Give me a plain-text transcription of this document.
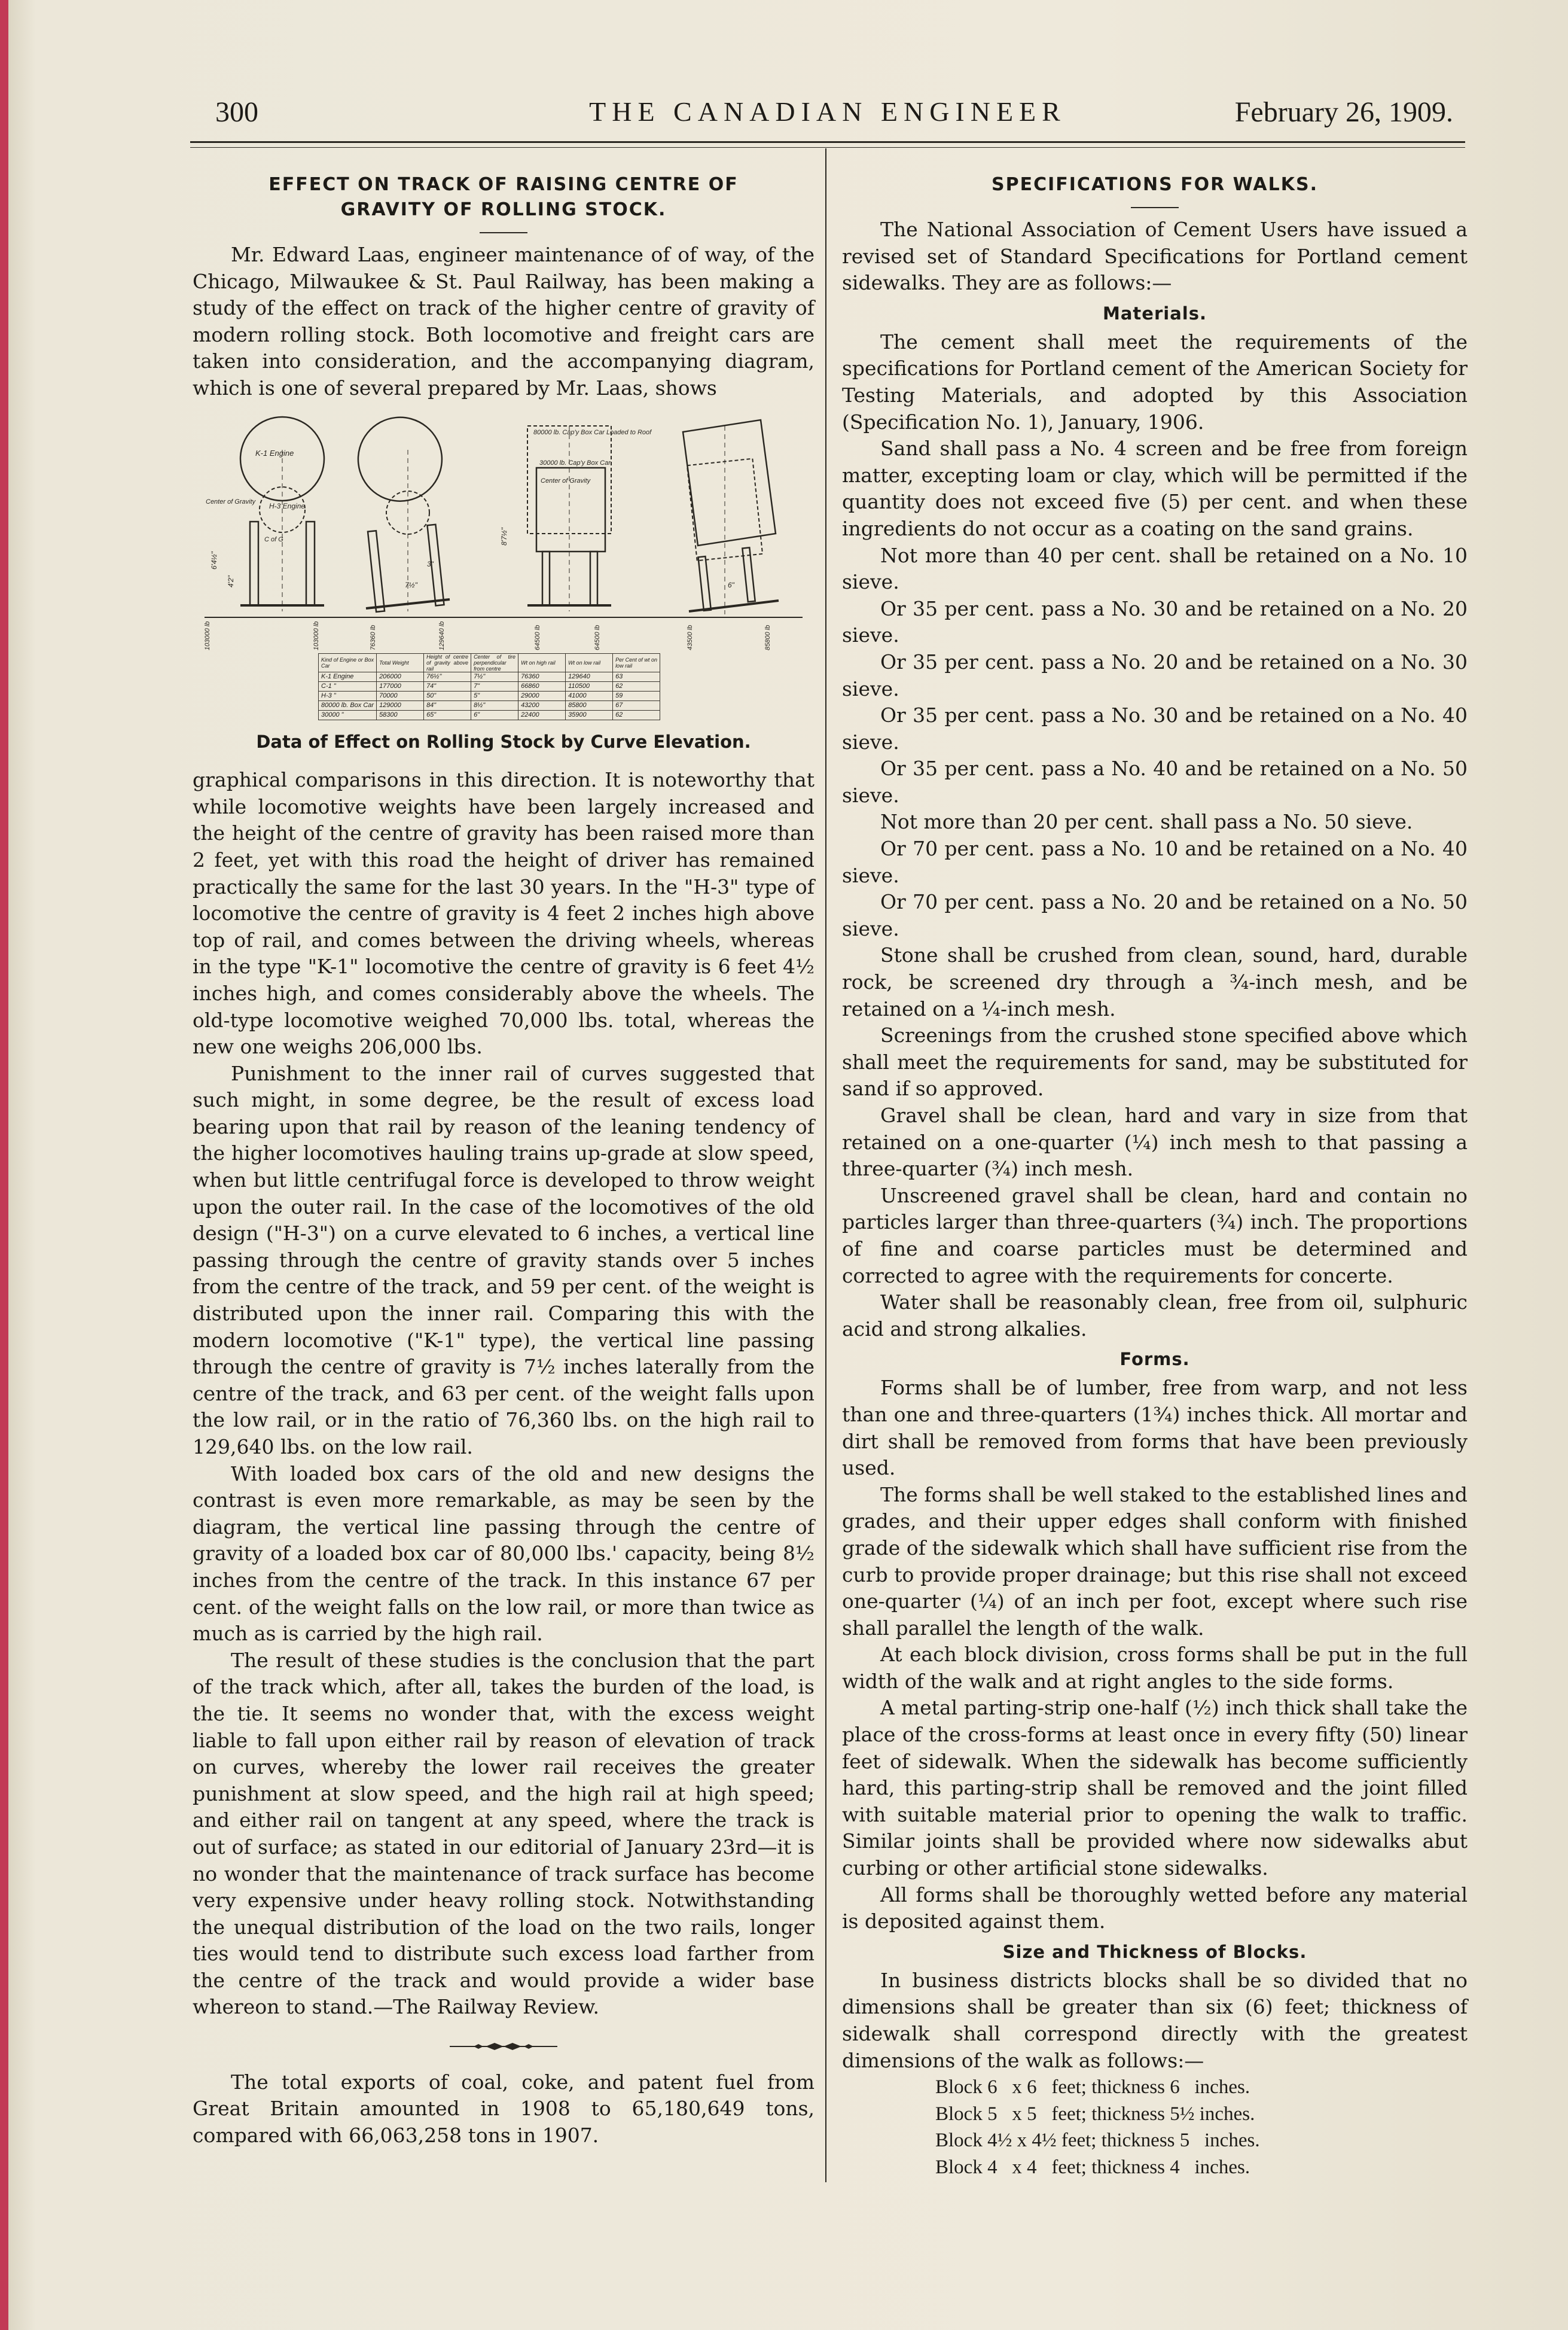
300	THE CANADIAN ENGINEER	February 26, 1909.
EFFECT ON TRACK OF RAISING CENTRE OF
GRAVITY OF ROLLING STOCK.

Mr. Edward Laas, engineer maintenance of of way, of the Chicago, Milwaukee & St. Paul Railway, has been making a study of the effect on track of the higher centre of gravity of modern rolling stock. Both locomotive and freight cars are taken into consideration, and the accompanying diagram, which is one of several prepared by Mr. Laas, shows

K-1 Engine
H-3 Engine
Center of Gravity
C of G
6'4½"
4'2"
3"
7½"
80000 lb. Cap'y Box Car Loaded to Roof
30000 lb. Cap'y Box Car
Center of Gravity
8'7½"
6"
103000 lb	103000 lb	76360 lb	129640 lb	64500 lb	64500 lb	43500 lb	85800 lb
Kind of Engine or Box Car	Total Weight	Height of centre of gravity above rail	Center of tire perpendicular from centre	Wt on high rail	Wt on low rail	Per Cent of wt on low rail
K-1 Engine	206000	76½"	7½"	76360	129640	63
C-1 "	177000	74"	7"	66860	110500	62
H-3 "	70000	50"	5"	29000	41000	59
80000 lb. Box Car	129000	84"	8½"	43200	85800	67
30000 "	58300	65"	6"	22400	35900	62
Data of Effect on Rolling Stock by Curve Elevation.

graphical comparisons in this direction. It is noteworthy that while locomotive weights have been largely increased and the height of the centre of gravity has been raised more than 2 feet, yet with this road the height of driver has remained practically the same for the last 30 years. In the "H-3" type of locomotive the centre of gravity is 4 feet 2 inches high above top of rail, and comes between the driving wheels, whereas in the type "K-1" locomotive the centre of gravity is 6 feet 4½ inches high, and comes considerably above the wheels. The old-type locomotive weighed 70,000 lbs. total, whereas the new one weighs 206,000 lbs.

Punishment to the inner rail of curves suggested that such might, in some degree, be the result of excess load bearing upon that rail by reason of the leaning tendency of the higher locomotives hauling trains up-grade at slow speed, when but little centrifugal force is developed to throw weight upon the outer rail. In the case of the locomotives of the old design ("H-3") on a curve elevated to 6 inches, a vertical line passing through the centre of gravity stands over 5 inches from the centre of the track, and 59 per cent. of the weight is distributed upon the inner rail. Comparing this with the modern locomotive ("K-1" type), the vertical line passing through the centre of gravity is 7½ inches laterally from the centre of the track, and 63 per cent. of the weight falls upon the low rail, or in the ratio of 76,360 lbs. on the high rail to 129,640 lbs. on the low rail.

With loaded box cars of the old and new designs the contrast is even more remarkable, as may be seen by the diagram, the vertical line passing through the centre of gravity of a loaded box car of 80,000 lbs.' capacity, being 8½ inches from the centre of the track. In this instance 67 per cent. of the weight falls on the low rail, or more than twice as much as is carried by the high rail.

The result of these studies is the conclusion that the part of the track which, after all, takes the burden of the load, is the tie. It seems no wonder that, with the excess weight liable to fall upon either rail by reason of elevation of track on curves, whereby the lower rail receives the greater punishment at slow speed, and the high rail at high speed; and either rail on tangent at any speed, where the track is out of surface; as stated in our editorial of January 23rd—it is no wonder that the maintenance of track surface has become very expensive under heavy rolling stock. Notwithstanding the unequal distribution of the load on the two rails, longer ties would tend to distribute such excess load farther from the centre of the track and would provide a wider base whereon to stand.—The Railway Review.

The total exports of coal, coke, and patent fuel from Great Britain amounted in 1908 to 65,180,649 tons, compared with 66,063,258 tons in 1907.

SPECIFICATIONS FOR WALKS.

The National Association of Cement Users have issued a revised set of Standard Specifications for Portland cement sidewalks. They are as follows:—

Materials.

The cement shall meet the requirements of the specifications for Portland cement of the American Society for Testing Materials, and adopted by this Association (Specification No. 1), January, 1906.

Sand shall pass a No. 4 screen and be free from foreign matter, excepting loam or clay, which will be permitted if the quantity does not exceed five (5) per cent. and when these ingredients do not occur as a coating on the sand grains.

Not more than 40 per cent. shall be retained on a No. 10 sieve.

Or 35 per cent. pass a No. 30 and be retained on a No. 20 sieve.

Or 35 per cent. pass a No. 20 and be retained on a No. 30 sieve.

Or 35 per cent. pass a No. 30 and be retained on a No. 40 sieve.

Or 35 per cent. pass a No. 40 and be retained on a No. 50 sieve.

Not more than 20 per cent. shall pass a No. 50 sieve.

Or 70 per cent. pass a No. 10 and be retained on a No. 40 sieve.

Or 70 per cent. pass a No. 20 and be retained on a No. 50 sieve.

Stone shall be crushed from clean, sound, hard, durable rock, be screened dry through a ¾-inch mesh, and be retained on a ¼-inch mesh.

Screenings from the crushed stone specified above which shall meet the requirements for sand, may be substituted for sand if so approved.

Gravel shall be clean, hard and vary in size from that retained on a one-quarter (¼) inch mesh to that passing a three-quarter (¾) inch mesh.

Unscreened gravel shall be clean, hard and contain no particles larger than three-quarters (¾) inch. The proportions of fine and coarse particles must be determined and corrected to agree with the requirements for concerte.

Water shall be reasonably clean, free from oil, sulphuric acid and strong alkalies.

Forms.

Forms shall be of lumber, free from warp, and not less than one and three-quarters (1¾) inches thick. All mortar and dirt shall be removed from forms that have been previously used.

The forms shall be well staked to the established lines and grades, and their upper edges shall conform with finished grade of the sidewalk which shall have sufficient rise from the curb to provide proper drainage; but this rise shall not exceed one-quarter (¼) of an inch per foot, except where such rise shall parallel the length of the walk.

At each block division, cross forms shall be put in the full width of the walk and at right angles to the side forms.

A metal parting-strip one-half (½) inch thick shall take the place of the cross-forms at least once in every fifty (50) linear feet of sidewalk. When the sidewalk has become sufficiently hard, this parting-strip shall be removed and the joint filled with suitable material prior to opening the walk to traffic. Similar joints shall be provided where now sidewalks abut curbing or other artificial stone sidewalks.

All forms shall be thoroughly wetted before any material is deposited against them.

Size and Thickness of Blocks.

In business districts blocks shall be so divided that no dimensions shall be greater than six (6) feet; thickness of sidewalk shall correspond directly with the greatest dimensions of the walk as follows:—

Block 6   x 6   feet; thickness 6   inches.
Block 5   x 5   feet; thickness 5½ inches.
Block 4½ x 4½ feet; thickness 5   inches.
Block 4   x 4   feet; thickness 4   inches.
